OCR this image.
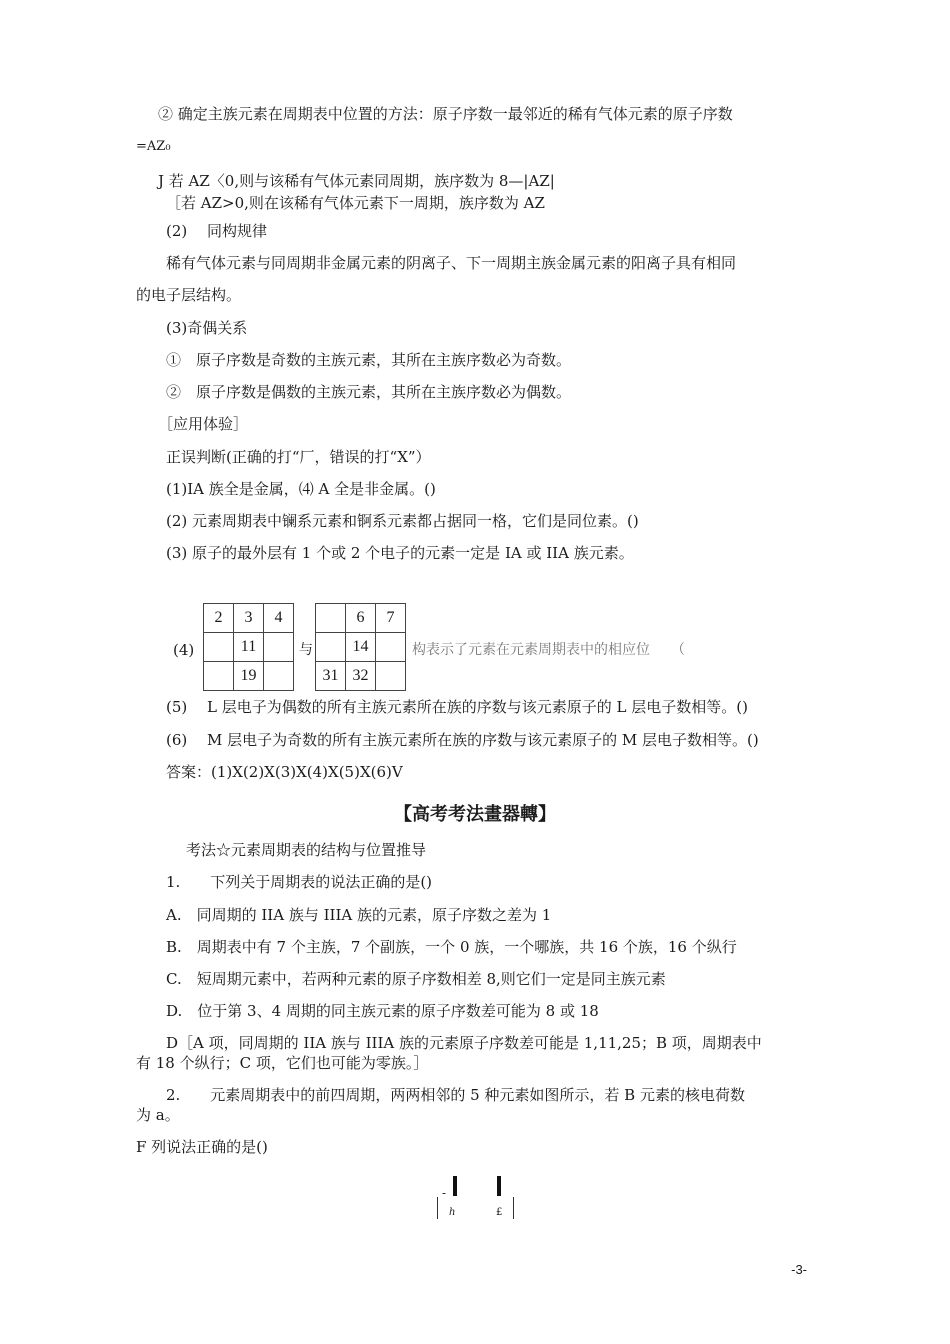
② 确定主族元素在周期表中位置的方法：原子序数一最邻近的稀有气体元素的原子序数
=AZ₀
J 若 AZ〈0,则与该稀有气体元素同周期，族序数为 8—|AZ|
［若 AZ>0,则在该稀有气体元素下一周期，族序数为 AZ
(2)　 同构规律
稀有气体元素与同周期非金属元素的阴离子、下一周期主族金属元素的阳离子具有相同
的电子层结构。
(3)奇偶关系
①　原子序数是奇数的主族元素，其所在主族序数必为奇数。
②　原子序数是偶数的主族元素，其所在主族序数必为偶数。
［应用体验］
正误判断(正确的打“厂，错误的打“X”）
(1)IA 族全是金属，⑷ A 全是非金属。()
(2) 元素周期表中镧系元素和锕系元素都占据同一格，它们是同位素。()
(3) 原子的最外层有 1 个或 2 个电子的元素一定是 IA 或 IIA 族元素。
(4)
2	3	4
	11	
	19	
与
	6	7
	14	
31	32	
构表示了元素在元素周期表中的相应位　　（
(5)　 L 层电子为偶数的所有主族元素所在族的序数与该元素原子的 L 层电子数相等。()
(6)　 M 层电子为奇数的所有主族元素所在族的序数与该元素原子的 M 层电子数相等。()
答案：(1)X(2)X(3)X(4)X(5)X(6)V
【高考考法畫器轉】
考法☆元素周期表的结构与位置推导
1.　　下列关于周期表的说法正确的是()
A.　同周期的 IIA 族与 IIIA 族的元素，原子序数之差为 1
B.　周期表中有 7 个主族，7 个副族，一个 0 族，一个哪族，共 16 个族，16 个纵行
C.　短周期元素中，若两种元素的原子序数相差 8,则它们一定是同主族元素
D.　位于第 3、4 周期的同主族元素的原子序数差可能为 8 或 18
D［A 项，同周期的 IIA 族与 IIIA 族的元素原子序数差可能是 1,11,25；B 项，周期表中
有 18 个纵行；C 项，它们也可能为零族。］
2.　　元素周期表中的前四周期，两两相邻的 5 种元素如图所示，若 B 元素的核电荷数
为 a。
F 列说法正确的是()
-
h	£
-3-
